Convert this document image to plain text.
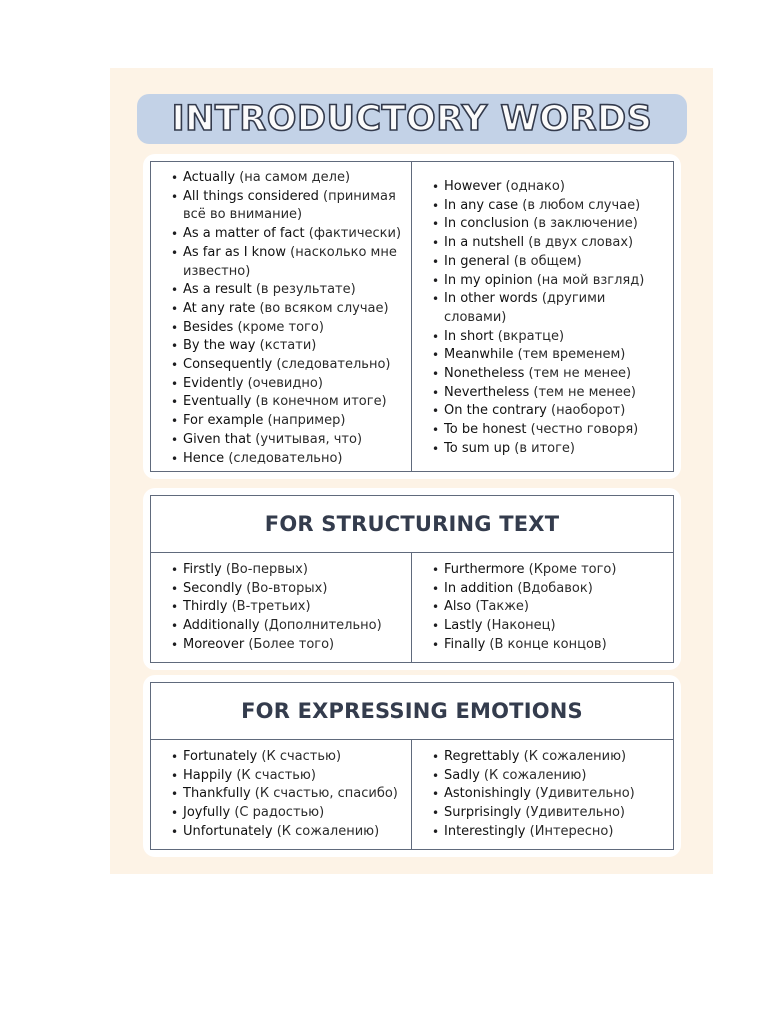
INTRODUCTORY WORDS
• Actually (на самом деле)
• All things considered (принимая
всё во внимание)
• As a matter of fact (фактически)
• As far as I know (насколько мне
известно)
• As a result (в результате)
• At any rate (во всяком случае)
• Besides (кроме того)
• By the way (кстати)
• Consequently (следовательно)
• Evidently (очевидно)
• Eventually (в конечном итоге)
• For example (например)
• Given that (учитывая, что)
• Hence (следовательно)
• However (однако)
• In any case (в любом случае)
• In conclusion (в заключение)
• In a nutshell (в двух словах)
• In general (в общем)
• In my opinion (на мой взгляд)
• In other words (другими
словами)
• In short (вкратце)
• Meanwhile (тем временем)
• Nonetheless (тем не менее)
• Nevertheless (тем не менее)
• On the contrary (наоборот)
• To be honest (честно говоря)
• To sum up (в итоге)
FOR STRUCTURING TEXT
• Firstly (Во-первых)
• Secondly (Во-вторых)
• Thirdly (В-третьих)
• Additionally (Дополнительно)
• Moreover (Более того)
• Furthermore (Кроме того)
• In addition (Вдобавок)
• Also (Также)
• Lastly (Наконец)
• Finally (В конце концов)
FOR EXPRESSING EMOTIONS
• Fortunately (К счастью)
• Happily (К счастью)
• Thankfully (К счастью, спасибо)
• Joyfully (С радостью)
• Unfortunately (К сожалению)
• Regrettably (К сожалению)
• Sadly (К сожалению)
• Astonishingly (Удивительно)
• Surprisingly (Удивительно)
• Interestingly (Интересно)
